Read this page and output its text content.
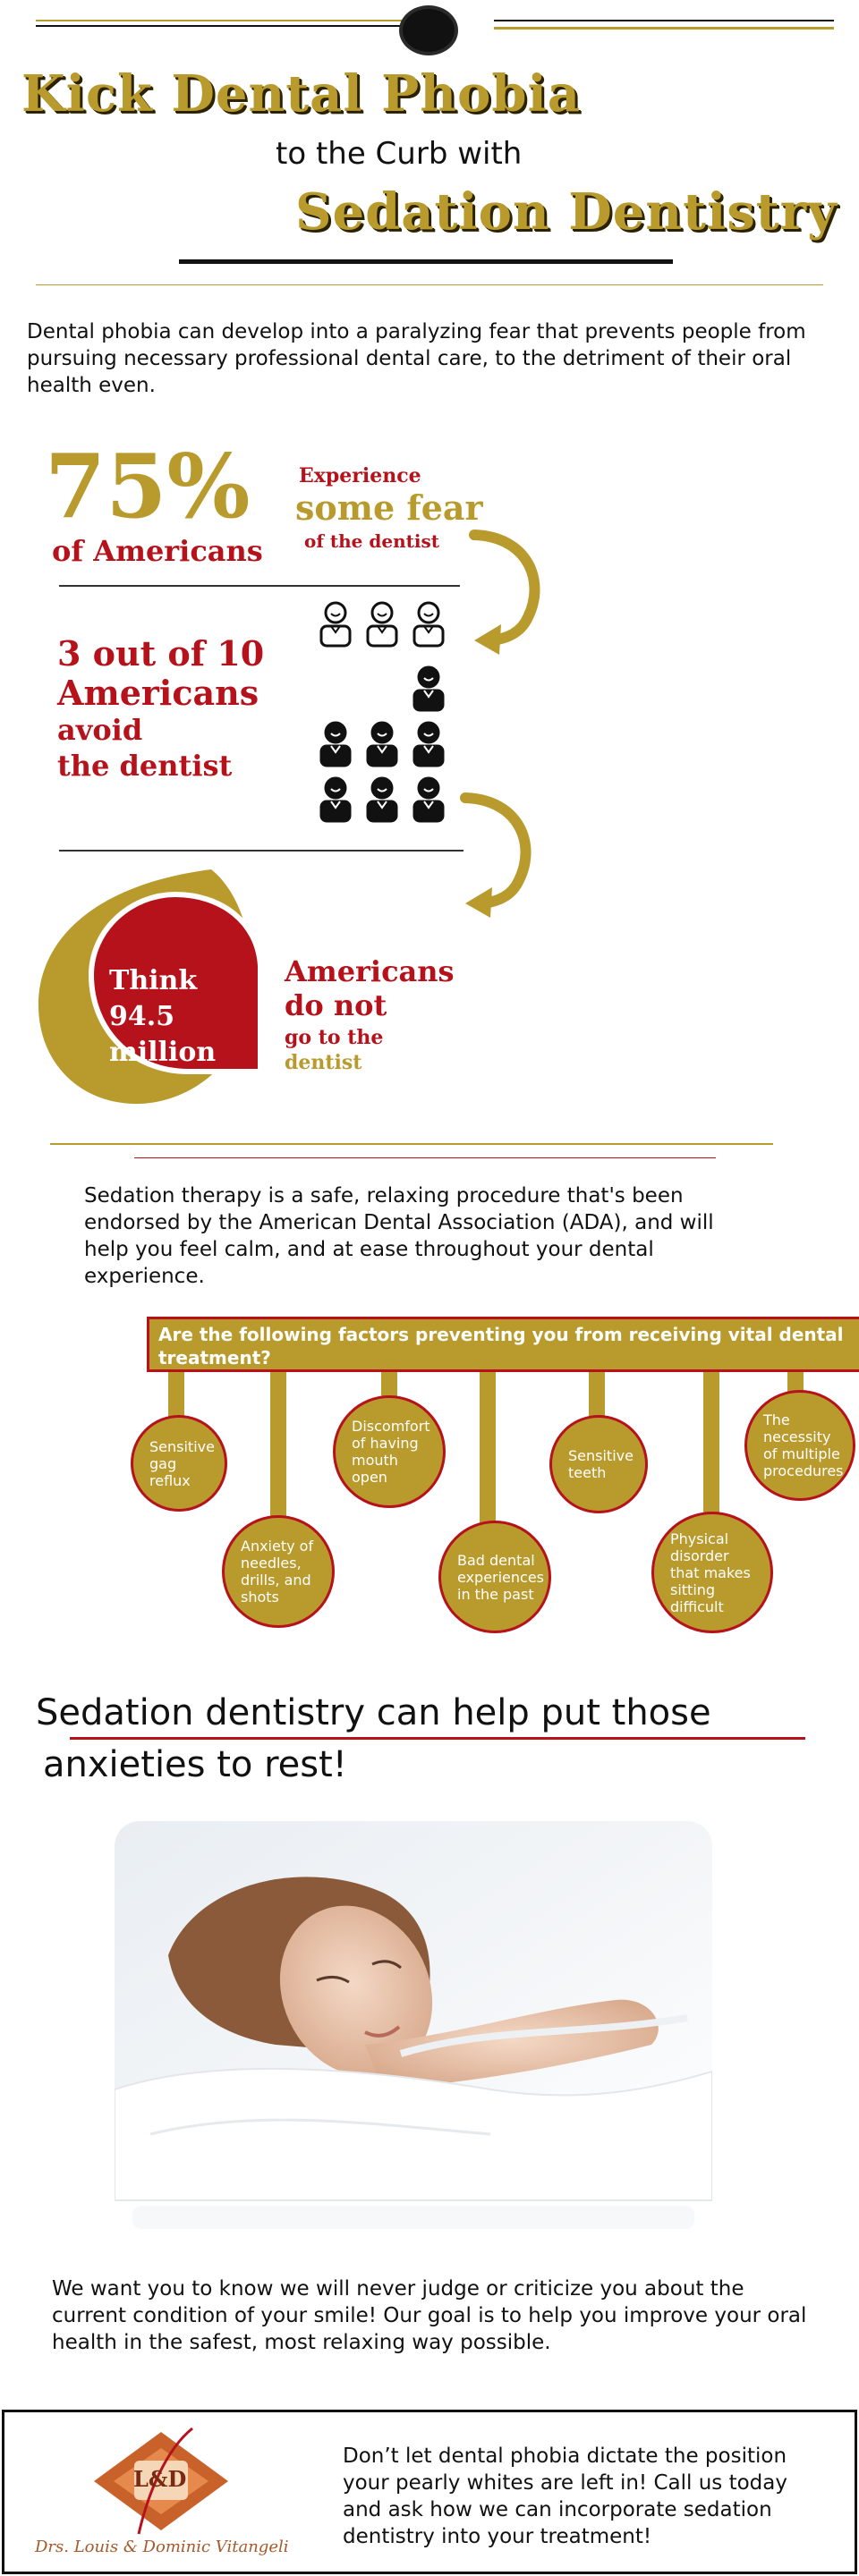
Kick Dental Phobia
to the Curb with
Sedation Dentistry
Dental phobia can develop into a paralyzing fear that prevents people from pursuing necessary professional dental care, to the detriment of their oral health even.
75%
of Americans
Experience
some fear
of the dentist
3 out of 10
Americans
avoid
the dentist
Think
94.5
million
Americans
do not
go to the
dentist
Sedation therapy is a safe, relaxing procedure that's been endorsed by the American Dental Association (ADA), and will help you feel calm, and at ease throughout your dental experience.
Are the following factors preventing you from receiving vital dental treatment?
Sensitive gag reflux
Anxiety of needles, drills, and shots
Discomfort of having mouth open
Bad dental experiences in the past
Sensitive teeth
Physical disorder that makes sitting difficult
The necessity of multiple procedures
Sedation dentistry can help put those
anxieties to rest!
We want you to know we will never judge or criticize you about the current condition of your smile! Our goal is to help you improve your oral health in the safest, most relaxing way possible.
L&D
Drs. Louis & Dominic Vitangeli
Don’t let dental phobia dictate the position your pearly whites are left in! Call us today and ask how we can incorporate sedation dentistry into your treatment!
